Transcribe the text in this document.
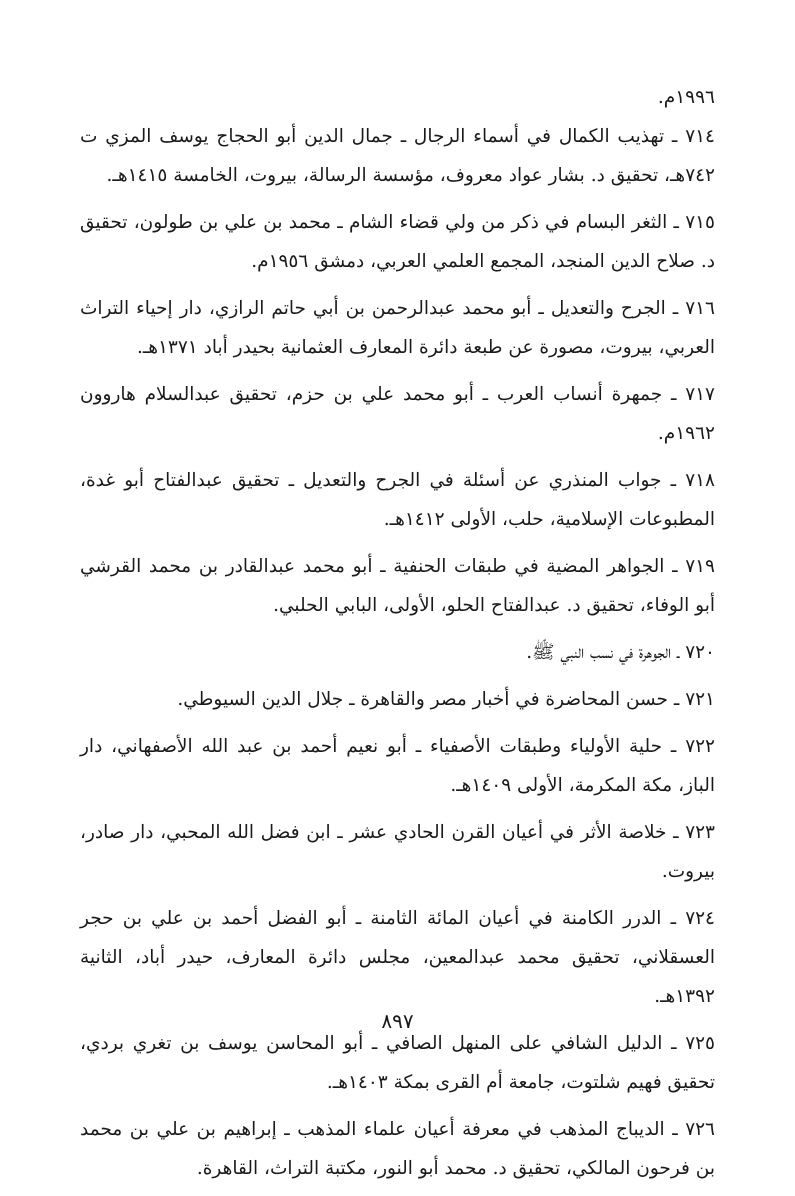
١٩٩٦م.

٧١٤ ـ تهذيب الكمال في أسماء الرجال ـ جمال الدين أبو الحجاج يوسف المزي ت ٧٤٢هـ، تحقيق د. بشار عواد معروف، مؤسسة الرسالة، بيروت، الخامسة ١٤١٥هـ.

٧١٥ ـ الثغر البسام في ذكر من ولي قضاء الشام ـ محمد بن علي بن طولون، تحقيق د. صلاح الدين المنجد، المجمع العلمي العربي، دمشق ١٩٥٦م.

٧١٦ ـ الجرح والتعديل ـ أبو محمد عبدالرحمن بن أبي حاتم الرازي، دار إحياء التراث العربي، بيروت، مصورة عن طبعة دائرة المعارف العثمانية بحيدر أباد ١٣٧١هـ.

٧١٧ ـ جمهرة أنساب العرب ـ أبو محمد علي بن حزم، تحقيق عبدالسلام هاروون ١٩٦٢م.

٧١٨ ـ جواب المنذري عن أسئلة في الجرح والتعديل ـ تحقيق عبدالفتاح أبو غدة، المطبوعات الإسلامية، حلب، الأولى ١٤١٢هـ.

٧١٩ ـ الجواهر المضية في طبقات الحنفية ـ أبو محمد عبدالقادر بن محمد القرشي أبو الوفاء، تحقيق د. عبدالفتاح الحلو، الأولى، البابي الحلبي.

٧٢٠ ـ الجوهرة في نسب النبي ﷺ.

٧٢١ ـ حسن المحاضرة في أخبار مصر والقاهرة ـ جلال الدين السيوطي.

٧٢٢ ـ حلية الأولياء وطبقات الأصفياء ـ أبو نعيم أحمد بن عبد الله الأصفهاني، دار الباز، مكة المكرمة، الأولى ١٤٠٩هـ.

٧٢٣ ـ خلاصة الأثر في أعيان القرن الحادي عشر ـ ابن فضل الله المحبي، دار صادر، بيروت.

٧٢٤ ـ الدرر الكامنة في أعيان المائة الثامنة ـ أبو الفضل أحمد بن علي بن حجر العسقلاني، تحقيق محمد عبدالمعين، مجلس دائرة المعارف، حيدر أباد، الثانية ١٣٩٢هـ.

٧٢٥ ـ الدليل الشافي على المنهل الصافي ـ أبو المحاسن يوسف بن تغري بردي، تحقيق فهيم شلتوت، جامعة أم القرى بمكة ١٤٠٣هـ.

٧٢٦ ـ الديباج المذهب في معرفة أعيان علماء المذهب ـ إبراهيم بن علي بن محمد بن فرحون المالكي، تحقيق د. محمد أبو النور، مكتبة التراث، القاهرة.

٨٩٧
